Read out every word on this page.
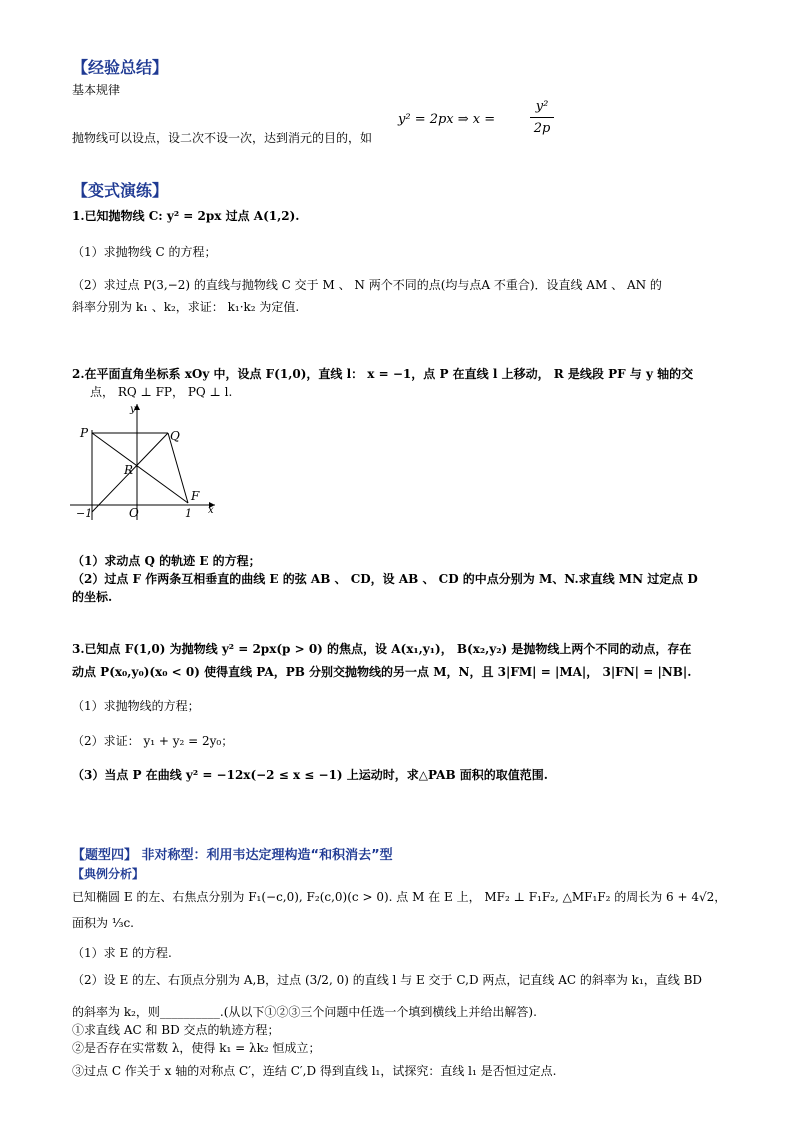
【经验总结】
基本规律
y² = 2px ⇒ x =
y²
2p
抛物线可以设点，设二次不设一次，达到消元的目的，如
【变式演练】
1.已知抛物线 C: y² = 2px 过点 A(1,2).
（1）求抛物线 C 的方程；
（2）求过点 P(3,−2) 的直线与抛物线 C 交于 M 、 N 两个不同的点(均与点A 不重合)．设直线 AM 、 AN 的
斜率分别为 k₁ 、k₂，求证： k₁·k₂ 为定值.
2.在平面直角坐标系 xOy 中，设点 F(1,0)，直线 l： x = −1，点 P 在直线 l 上移动， R 是线段 PF 与 y 轴的交
点， RQ ⊥ FP， PQ ⊥ l.
P	Q
R
F
O
y
x
−1	1
（1）求动点 Q 的轨迹 E 的方程；
（2）过点 F 作两条互相垂直的曲线 E 的弦 AB 、 CD，设 AB 、 CD 的中点分别为 M、N.求直线 MN 过定点 D
的坐标.
3.已知点 F(1,0) 为抛物线 y² = 2px(p > 0) 的焦点，设 A(x₁,y₁)， B(x₂,y₂) 是抛物线上两个不同的动点，存在
动点 P(x₀,y₀)(x₀ < 0) 使得直线 PA，PB 分别交抛物线的另一点 M，N，且 3|FM| = |MA|， 3|FN| = |NB|.
（1）求抛物线的方程；
（2）求证： y₁ + y₂ = 2y₀；
（3）当点 P 在曲线 y² = −12x(−2 ≤ x ≤ −1) 上运动时，求△PAB 面积的取值范围.
【题型四】 非对称型：利用韦达定理构造“和积消去”型
【典例分析】
已知椭圆 E 的左、右焦点分别为 F₁(−c,0), F₂(c,0)(c > 0). 点 M 在 E 上， MF₂ ⊥ F₁F₂, △MF₁F₂ 的周长为 6 + 4√2，
面积为 ⅓c.
（1）求 E 的方程.
（2）设 E 的左、右顶点分别为 A,B，过点 (3/2, 0) 的直线 l 与 E 交于 C,D 两点，记直线 AC 的斜率为 k₁，直线 BD
的斜率为 k₂，则__________.(从以下①②③三个问题中任选一个填到横线上并给出解答).
①求直线 AC 和 BD 交点的轨迹方程；
②是否存在实常数 λ，使得 k₁ = λk₂ 恒成立；
③过点 C 作关于 x 轴的对称点 C′，连结 C′,D 得到直线 l₁，试探究：直线 l₁ 是否恒过定点.
